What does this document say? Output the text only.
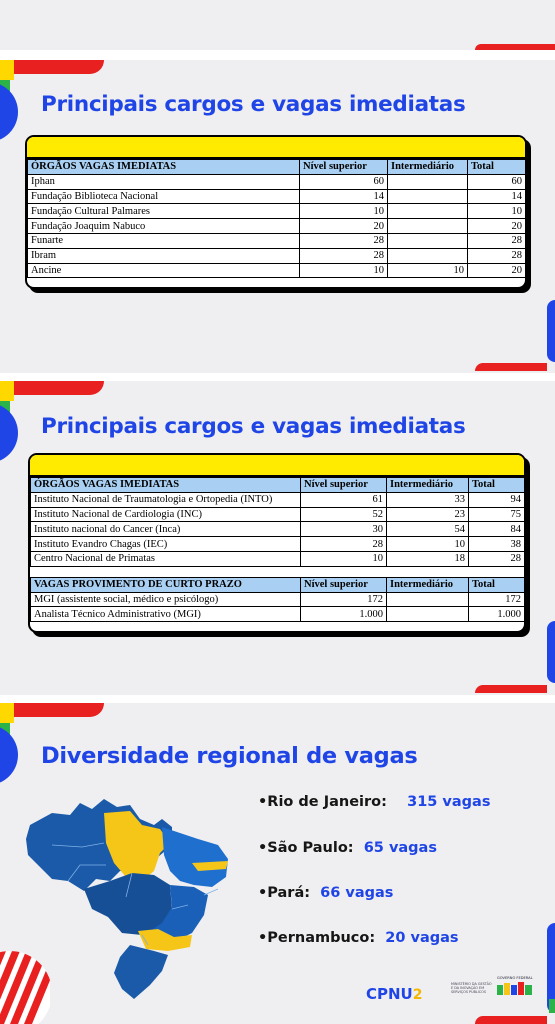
Principais cargos e vagas imediatas
ÓRGÃOS VAGAS IMEDIATAS	Nível superior	Intermediário	Total
Iphan	60		60
Fundação Biblioteca Nacional	14		14
Fundação Cultural Palmares	10		10
Fundação Joaquim Nabuco	20		20
Funarte	28		28
Ibram	28		28
Ancine	10	10	20
Principais cargos e vagas imediatas
ÓRGÃOS VAGAS IMEDIATAS	Nível superior	Intermediário	Total
Instituto Nacional de Traumatologia e Ortopedia (INTO)	61	33	94
Instituto Nacional de Cardiologia (INC)	52	23	75
Instituto nacional do Cancer (Inca)	30	54	84
Instituto Evandro Chagas (IEC)	28	10	38
Centro Nacional de Primatas	10	18	28

VAGAS PROVIMENTO DE CURTO PRAZO	Nível superior	Intermediário	Total
MGI (assistente social, médico e psicólogo)	172		172
Analista Técnico Administrativo (MGI)	1.000		1.000
Diversidade regional de vagas
•Rio de Janeiro: 315 vagas
•São Paulo: 65 vagas
•Pará: 66 vagas
•Pernambuco: 20 vagas
CPNU2
MINISTÉRIO DA GESTÃO E DA INOVAÇÃO EM SERVIÇOS PÚBLICOS
GOVERNO FEDERAL
